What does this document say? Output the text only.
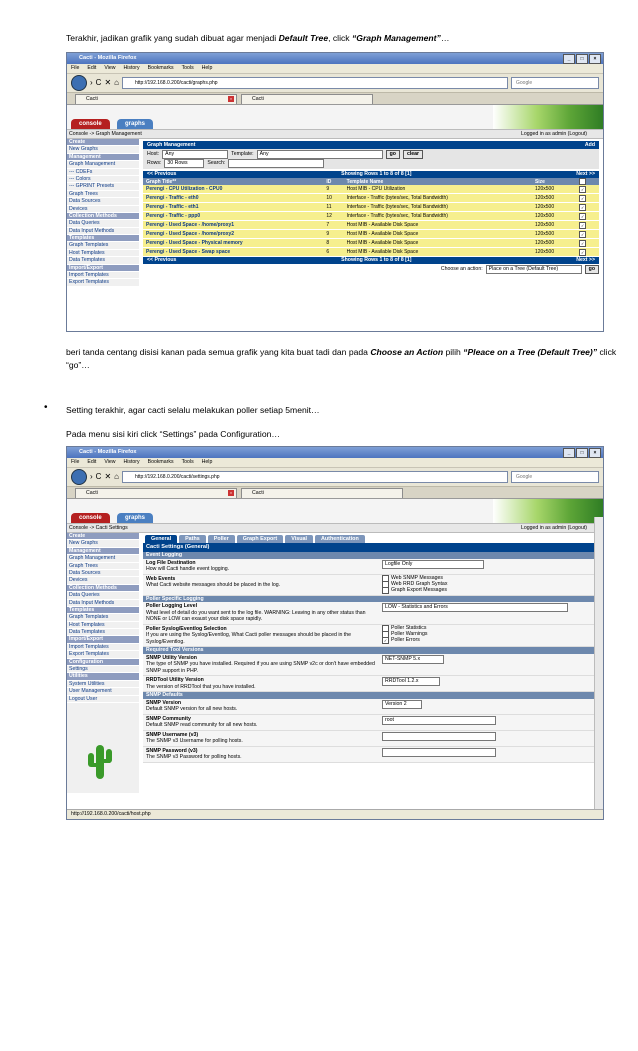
Terakhir, jadikan grafik yang sudah dibuat agar menjadi Default Tree, click “Graph Management”…
Cacti - Mozilla Firefox	_	□	×
File Edit View History Bookmarks Tools Help
› C ✕ ⌂	http://192.168.0.200/cacti/graphs.php	Google
Cacti	×	Cacti
console	graphs
Console -> Graph Management	Logged in as admin (Logout)
Create
New Graphs
Management
Graph Management
--- CDEFs
--- Colors
--- GPRINT Presets
Graph Trees
Data Sources
Devices
Collection Methods
Data Queries
Data Input Methods
Templates
Graph Templates
Host Templates
Data Templates
Import/Export
Import Templates
Export Templates
Graph Management	Add
Host:	Any	Template:	Any	go	clear
Rows:	30 Rows	Search:
<< Previous	Showing Rows 1 to 8 of 8 [1]	Next >>
Graph Title**	ID	Template Name	Size	✓
Perengi - CPU Utilization - CPU0	9	Host MIB - CPU Utilization	120x500	✓
Perengi - Traffic - eth0	10	Interface - Traffic (bytes/sec, Total Bandwidth)	120x500	✓
Perengi - Traffic - eth1	11	Interface - Traffic (bytes/sec, Total Bandwidth)	120x500	✓
Perengi - Traffic - ppp0	12	Interface - Traffic (bytes/sec, Total Bandwidth)	120x500	✓
Perengi - Used Space - /home/proxy1	7	Host MIB - Available Disk Space	120x500	✓
Perengi - Used Space - /home/proxy2	9	Host MIB - Available Disk Space	120x500	✓
Perengi - Used Space - Physical memory	8	Host MIB - Available Disk Space	120x500	✓
Perengi - Used Space - Swap space	6	Host MIB - Available Disk Space	120x500	✓
<< Previous	Showing Rows 1 to 8 of 8 [1]	Next >>
Choose an action:	Place on a Tree (Default Tree)	go
beri tanda centang disisi kanan pada semua grafik yang kita buat tadi dan pada Choose an Action pilih “Pleace on a Tree (Default Tree)” click “go”…
• Setting terakhir, agar cacti selalu melakukan poller setiap 5menit…
Pada menu sisi kiri click “Settings” pada Configuration…
Cacti - Mozilla Firefox	_	□	×
File Edit View History Bookmarks Tools Help
› C ✕ ⌂	http://192.168.0.200/cacti/settings.php	Google
Cacti	×	Cacti
console	graphs
Console -> Cacti Settings	Logged in as admin (Logout)
Create
New Graphs
Management
Graph Management
Graph Trees
Data Sources
Devices
Collection Methods
Data Queries
Data Input Methods
Templates
Graph Templates
Host Templates
Data Templates
Import/Export
Import Templates
Export Templates
Configuration
Settings
Utilities
System Utilities
User Management
Logout User
General	Paths	Poller	Graph Export	Visual	Authentication
Cacti Settings (General)
Event Logging
Log File Destination
How will Cacti handle event logging.
Logfile Only
Web Events
What Cacti website messages should be placed in the log.
Web SNMP Messages
Web RRD Graph Syntax
Graph Export Messages
Poller Specific Logging
Poller Logging Level
What level of detail do you want sent to the log file. WARNING: Leaving in any other status than NONE or LOW can exaust your disk space rapidly.
LOW - Statistics and Errors
Poller Syslog/Eventlog Selection
If you are using the Syslog/Eventlog, What Cacti poller messages should be placed in the Syslog/Eventlog.
Poller Statistics
Poller Warnings
✓ Poller Errors
Required Tool Versions
SNMP Utility Version
The type of SNMP you have installed. Required if you are using SNMP v2c or don't have embedded SNMP support in PHP.
NET-SNMP 5.x
RRDTool Utility Version
The version of RRDTool that you have installed.
RRDTool 1.2.x
SNMP Defaults
SNMP Version
Default SNMP version for all new hosts.
Version 2
SNMP Community
Default SNMP read community for all new hosts.
root
SNMP Username (v3)
The SNMP v3 Username for polling hosts.
SNMP Password (v3)
The SNMP v3 Password for polling hosts.
http://192.168.0.200/cacti/host.php
